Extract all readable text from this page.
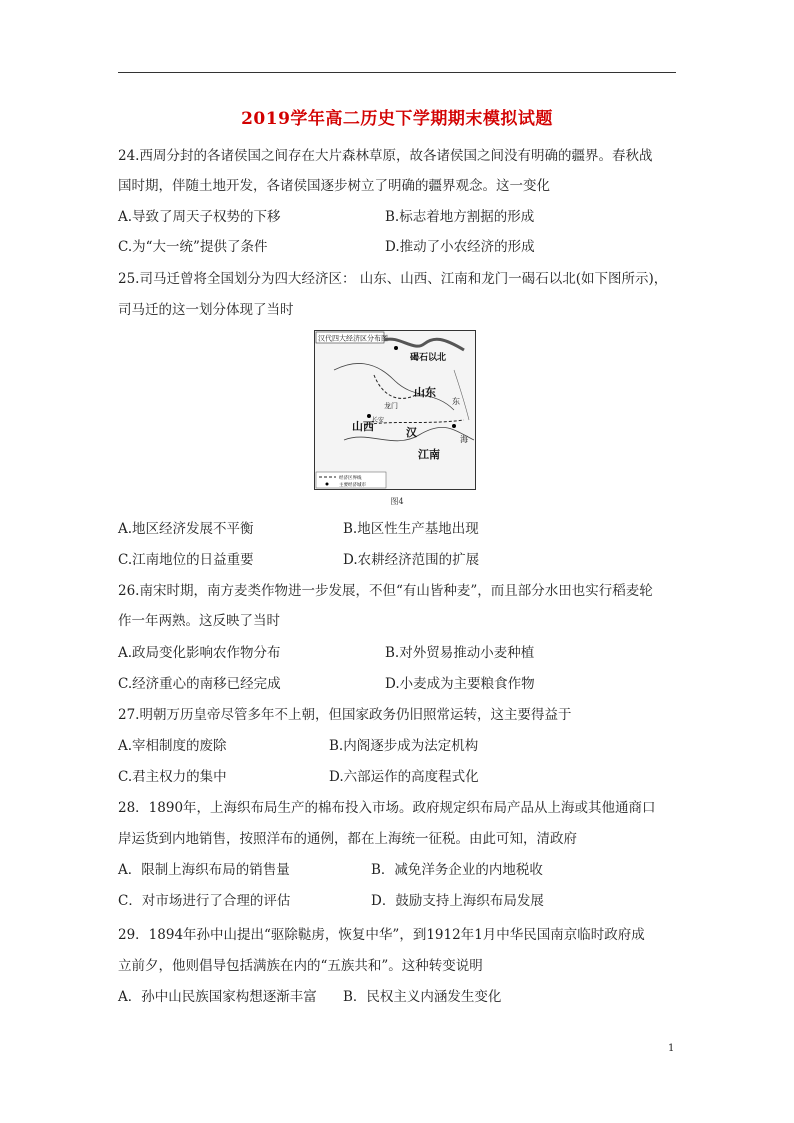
2019学年高二历史下学期期末模拟试题
24.西周分封的各诸侯国之间存在大片森林草原，故各诸侯国之间没有明确的疆界。春秋战
国时期，伴随土地开发，各诸侯国逐步树立了明确的疆界观念。这一变化
A.导致了周天子权势的下移	B.标志着地方割据的形成
C.为“大一统”提供了条件	D.推动了小农经济的形成
25.司马迁曾将全国划分为四大经济区： 山东、山西、江南和龙门一碣石以北(如下图所示)，
司马迁的这一划分体现了当时
汉代四大经济区分布图
碣石以北
山东
山西	汉
江南
龙门
长安
东
海
经济区界线
主要经济城市
图4
A.地区经济发展不平衡	B.地区性生产基地出现
C.江南地位的日益重要	D.农耕经济范围的扩展
26.南宋时期，南方麦类作物进一步发展，不但“有山皆种麦”，而且部分水田也实行稻麦轮
作一年两熟。这反映了当时
A.政局变化影响农作物分布	B.对外贸易推动小麦种植
C.经济重心的南移已经完成	D.小麦成为主要粮食作物
27.明朝万历皇帝尽管多年不上朝，但国家政务仍旧照常运转，这主要得益于
A.宰相制度的废除	B.内阁逐步成为法定机构
C.君主权力的集中	D.六部运作的高度程式化
28．1890年，上海织布局生产的棉布投入市场。政府规定织布局产品从上海或其他通商口
岸运货到内地销售，按照洋布的通例，都在上海统一征税。由此可知，清政府
A．限制上海织布局的销售量	B．减免洋务企业的内地税收
C．对市场进行了合理的评估	D．鼓励支持上海织布局发展
29．1894年孙中山提出“驱除鞑虏，恢复中华”，到1912年1月中华民国南京临时政府成
立前夕，他则倡导包括满族在内的“五族共和”。这种转变说明
A．孙中山民族国家构想逐渐丰富 B．民权主义内涵发生变化
1
